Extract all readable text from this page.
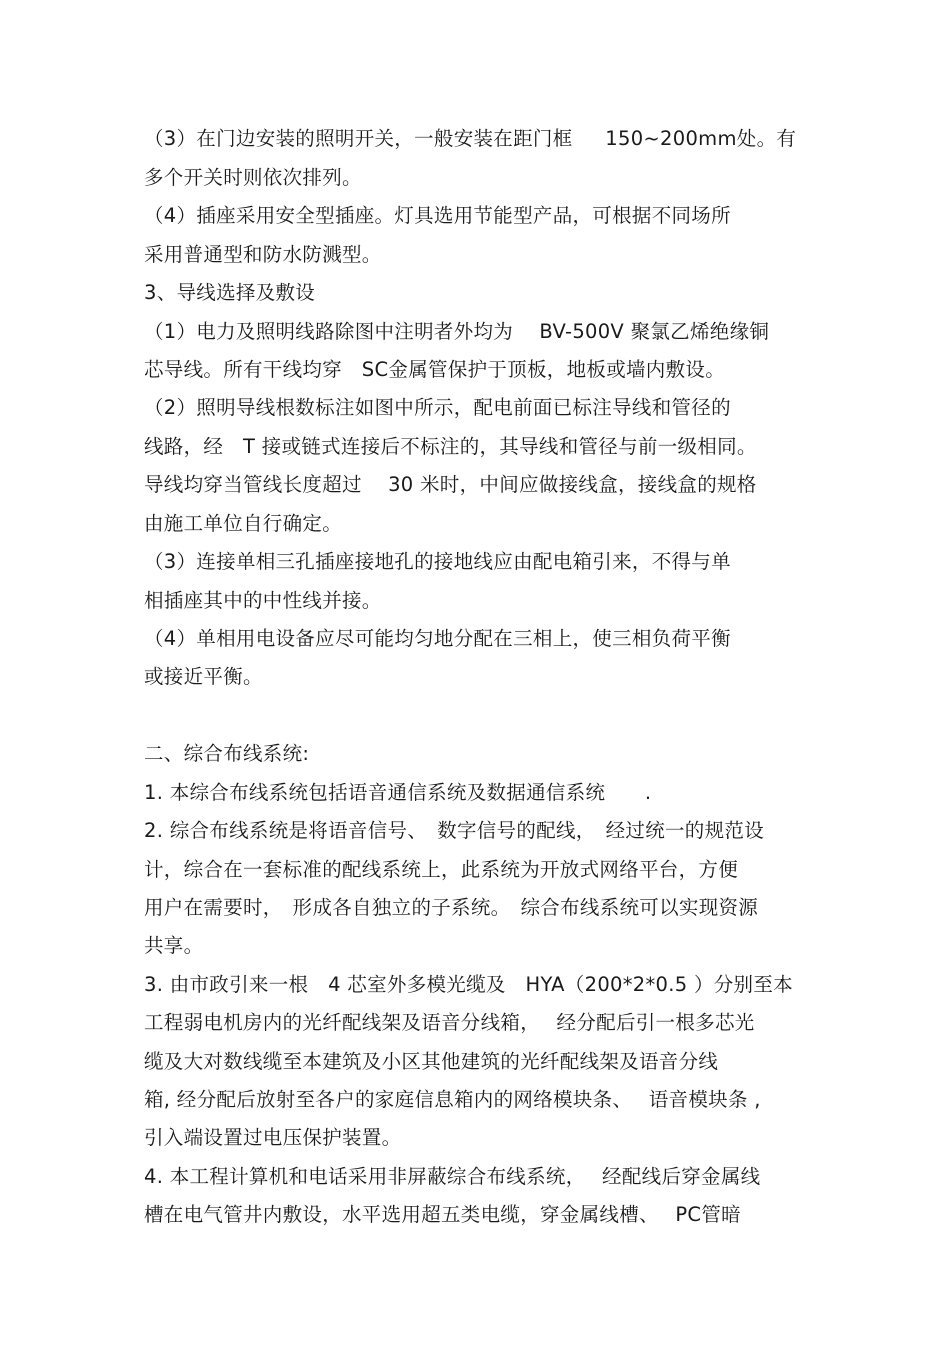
（3）在门边安装的照明开关，一般安装在距门框　  150~200mm处。有
多个开关时则依次排列。
（4）插座采用安全型插座。灯具选用节能型产品，可根据不同场所
采用普通型和防水防溅型。
3、导线选择及敷设
（1）电力及照明线路除图中注明者外均为　 BV-500V 聚氯乙烯绝缘铜
芯导线。所有干线均穿　SC金属管保护于顶板，地板或墙内敷设。
（2）照明导线根数标注如图中所示，配电前面已标注导线和管径的
线路，经　T 接或链式连接后不标注的，其导线和管径与前一级相同。
导线均穿当管线长度超过　 30 米时，中间应做接线盒，接线盒的规格
由施工单位自行确定。
（3）连接单相三孔插座接地孔的接地线应由配电箱引来，不得与单
相插座其中的中性线并接。
（4）单相用电设备应尽可能均匀地分配在三相上，使三相负荷平衡
或接近平衡。
二、综合布线系统:
1. 本综合布线系统包括语音通信系统及数据通信系统　　.
2. 综合布线系统是将语音信号、　数字信号的配线，　经过统一的规范设
计，综合在一套标准的配线系统上，此系统为开放式网络平台，方便
用户在需要时，　形成各自独立的子系统。　综合布线系统可以实现资源
共享。
3. 由市政引来一根　4 芯室外多模光缆及　HYA（200*2*0.5 ）分别至本
工程弱电机房内的光纤配线架及语音分线箱，　 经分配后引一根多芯光
缆及大对数线缆至本建筑及小区其他建筑的光纤配线架及语音分线
箱, 经分配后放射至各户的家庭信息箱内的网络模块条、　 语音模块条 ,
引入端设置过电压保护装置。
4. 本工程计算机和电话采用非屏蔽综合布线系统，　 经配线后穿金属线
槽在电气管井内敷设，水平选用超五类电缆，穿金属线槽、　 PC管暗
